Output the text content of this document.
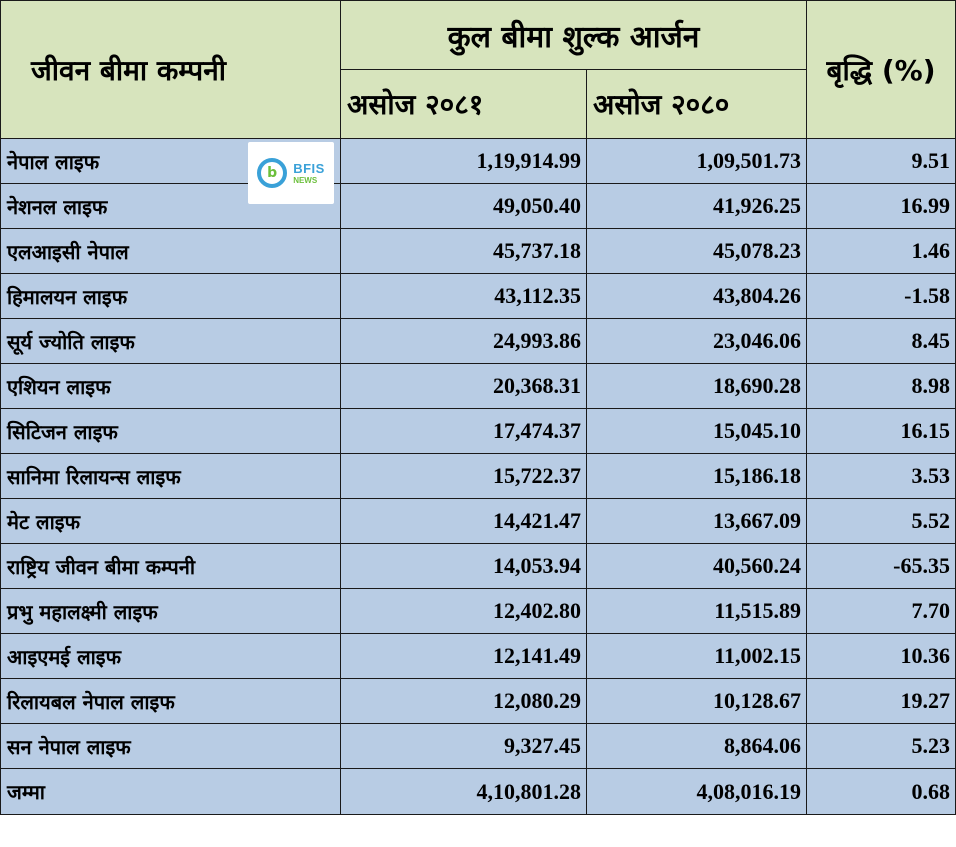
जीवन बीमा कम्पनी	कुल बीमा शुल्क आर्जन		बृद्धि (%)
	असोज २०८१	असोज २०८०	
नेपाल लाइफ	1,19,914.99	1,09,501.73	9.51
नेशनल लाइफ	49,050.40	41,926.25	16.99
एलआइसी नेपाल	45,737.18	45,078.23	1.46
हिमालयन लाइफ	43,112.35	43,804.26	-1.58
सूर्य ज्योति लाइफ	24,993.86	23,046.06	8.45
एशियन लाइफ	20,368.31	18,690.28	8.98
सिटिजन लाइफ	17,474.37	15,045.10	16.15
सानिमा रिलायन्स लाइफ	15,722.37	15,186.18	3.53
मेट लाइफ	14,421.47	13,667.09	5.52
राष्ट्रिय जीवन बीमा कम्पनी	14,053.94	40,560.24	-65.35
प्रभु महालक्ष्मी लाइफ	12,402.80	11,515.89	7.70
आइएमई लाइफ	12,141.49	11,002.15	10.36
रिलायबल नेपाल लाइफ	12,080.29	10,128.67	19.27
सन नेपाल लाइफ	9,327.45	8,864.06	5.23
जम्मा	4,10,801.28	4,08,016.19	0.68
b BFIS
NEWS
